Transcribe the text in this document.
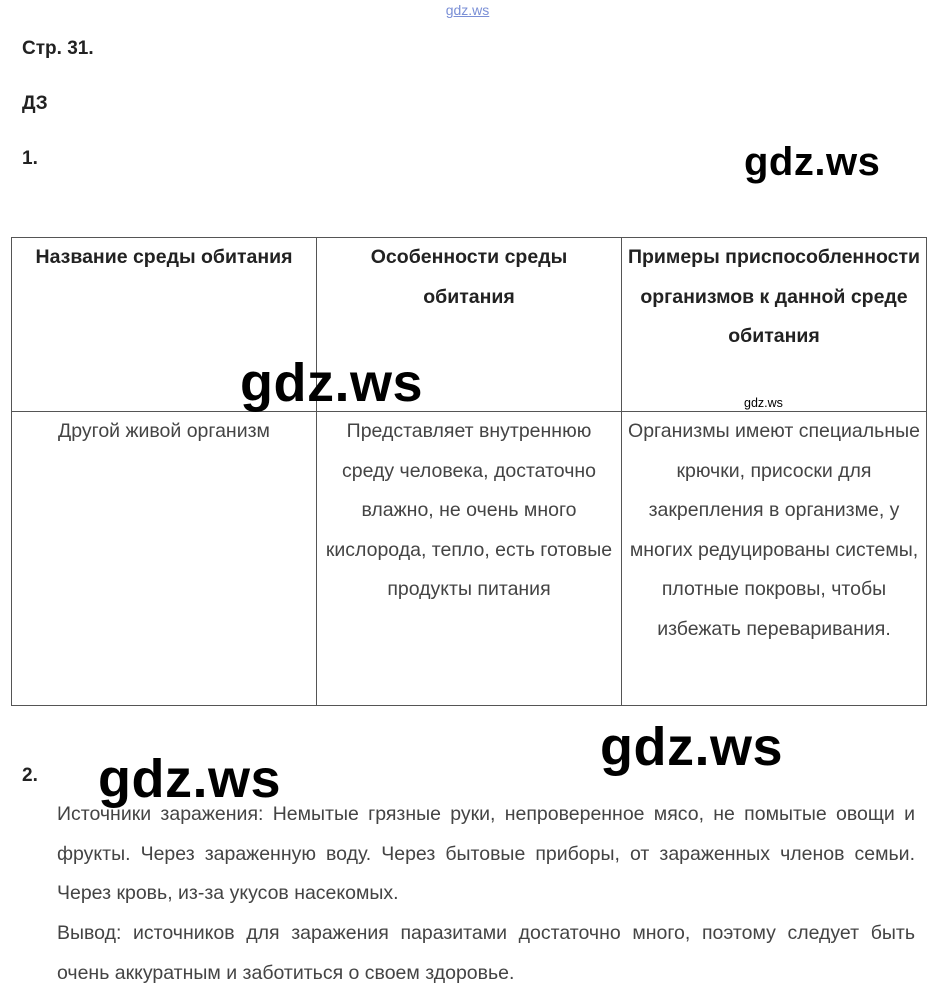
gdz.ws
Стр. 31.
ДЗ
1.	gdz.ws
Название среды обитания	Особенности среды обитания	Примеры приспособленности организмов к данной среде обитания
Другой живой организм	Представляет внутреннюю среду человека, достаточно влажно, не очень много кислорода, тепло, есть готовые продукты питания	Организмы имеют специальные крючки, присоски для закрепления в организме, у многих редуцированы системы, плотные покровы, чтобы избежать переваривания.
gdz.ws	gdz.ws
gdz.ws
gdz.ws
2.
Источники заражения: Немытые грязные руки, непроверенное мясо, не помытые овощи и фрукты. Через зараженную воду. Через бытовые приборы, от зараженных членов семьи. Через кровь, из-за укусов насекомых.
Вывод: источников для заражения паразитами достаточно много, поэтому следует быть очень аккуратным и заботиться о своем здоровье.
